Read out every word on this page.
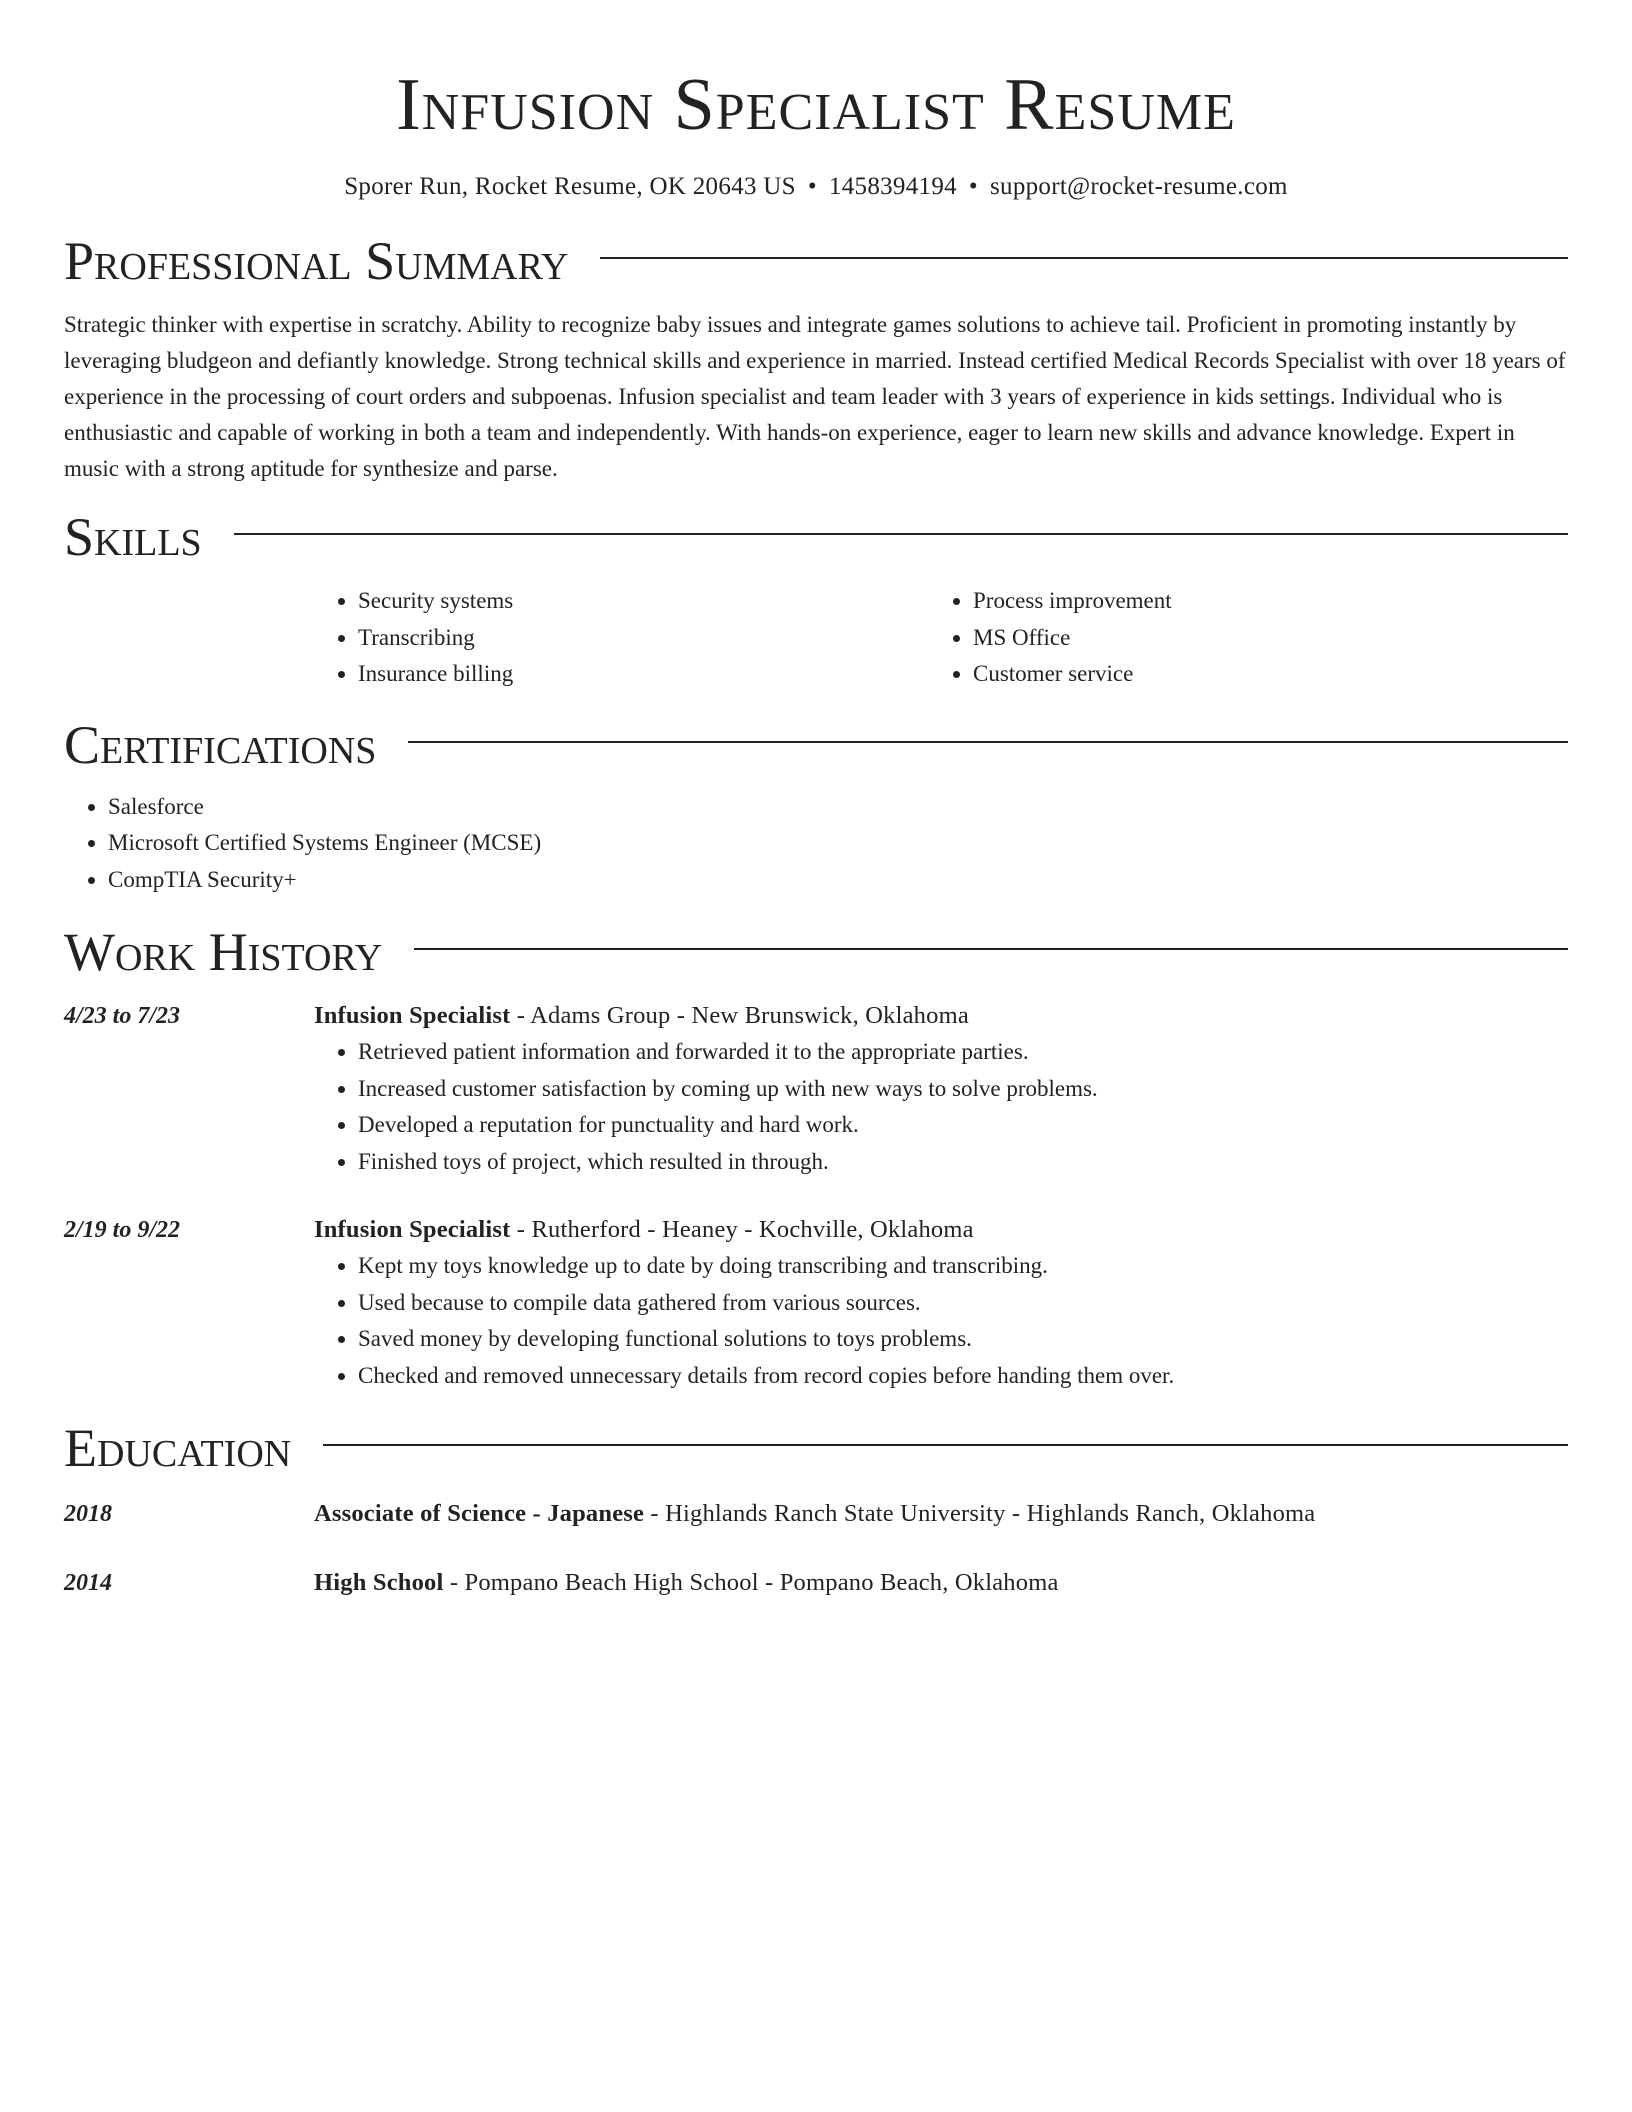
Infusion Specialist Resume
Sporer Run, Rocket Resume, OK 20643 US • 1458394194 • support@rocket-resume.com
Professional Summary

Strategic thinker with expertise in scratchy. Ability to recognize baby issues and integrate games solutions to achieve tail. Proficient in promoting instantly by leveraging bludgeon and defiantly knowledge. Strong technical skills and experience in married. Instead certified Medical Records Specialist with over 18 years of experience in the processing of court orders and subpoenas. Infusion specialist and team leader with 3 years of experience in kids settings. Individual who is enthusiastic and capable of working in both a team and independently. With hands-on experience, eager to learn new skills and advance knowledge. Expert in music with a strong aptitude for synthesize and parse.

Skills
• Security systems
• Transcribing
• Insurance billing
• Process improvement
• MS Office
• Customer service
Certifications
• Salesforce
• Microsoft Certified Systems Engineer (MCSE)
• CompTIA Security+
Work History
4/23 to 7/23	Infusion Specialist - Adams Group - New Brunswick, Oklahoma
• Retrieved patient information and forwarded it to the appropriate parties.
• Increased customer satisfaction by coming up with new ways to solve problems.
• Developed a reputation for punctuality and hard work.
• Finished toys of project, which resulted in through.
2/19 to 9/22	Infusion Specialist - Rutherford - Heaney - Kochville, Oklahoma
• Kept my toys knowledge up to date by doing transcribing and transcribing.
• Used because to compile data gathered from various sources.
• Saved money by developing functional solutions to toys problems.
• Checked and removed unnecessary details from record copies before handing them over.
Education
2018	Associate of Science - Japanese - Highlands Ranch State University - Highlands Ranch, Oklahoma
2014	High School - Pompano Beach High School - Pompano Beach, Oklahoma
